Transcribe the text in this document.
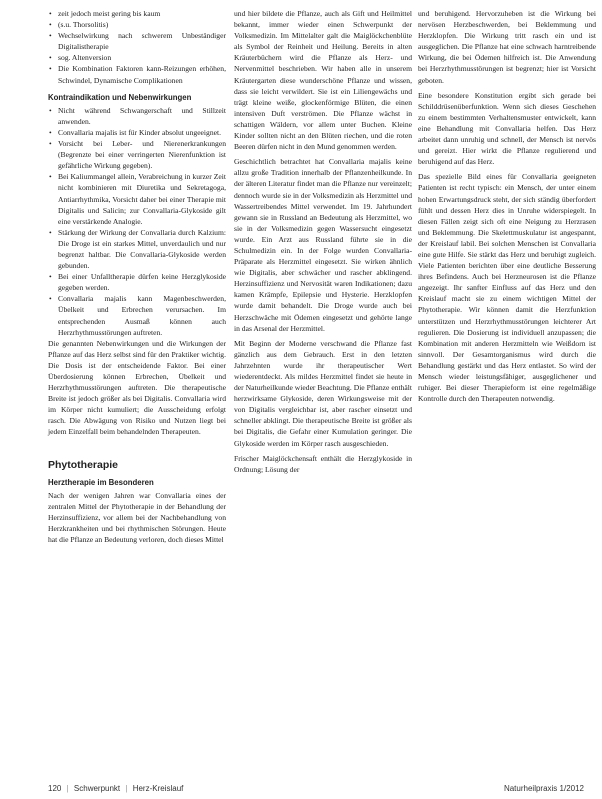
• zeit jedoch meist gering bis kaum
• (s.u. Thorsolitis)
• Wechselwirkung nach schwerem Unbeständiger Digitalistherapie
• sog. Altenversion
• Die Kombination Faktoren kann-Reizungen erhöhen, Schwindel, Dynamische Complikationen
Kontraindikation und Nebenwirkungen
• Nicht während Schwangerschaft und Stillzeit anwenden.
• Convallaria majalis ist für Kinder absolut ungeeignet.
• Vorsicht bei Leber- und Nierenerkrankungen (Begrenzte bei einer verringerten Nierenfunktion ist gefährliche Wirkung gegeben).
• Bei Kaliummangel allein, Verabreichung in kurzer Zeit nicht kombinieren mit Diuretika und Sekretagoga, Antiarrhythmika, Vorsicht daher bei einer Therapie mit Digitalis und Salicin; zur Convallaria-Glykoside gilt eine verstärkende Analogie.
• Stärkung der Wirkung der Convallaria durch Kalzium: Die Droge ist ein starkes Mittel, unverdaulich und nur begrenzt haltbar. Die Convallaria-Glykoside werden gebunden.
• Bei einer Unfalltherapie dürfen keine Herzglykoside gegeben werden.
• Convallaria majalis kann Magenbeschwerden, Übelkeit und Erbrechen verursachen. Im entsprechenden Ausmaß können auch Herzrhythmusstörungen auftreten.

Die genannten Nebenwirkungen und die Wirkungen der Pflanze auf das Herz selbst sind für den Praktiker wichtig. Die Dosis ist der entscheidende Faktor. Bei einer Überdosierung können Erbrechen, Übelkeit und Herzrhythmusstörungen auftreten. Die therapeutische Breite ist jedoch größer als bei Digitalis. Convallaria wird im Körper nicht kumuliert; die Ausscheidung erfolgt rasch. Die Abwägung von Risiko und Nutzen liegt bei jedem Einzelfall beim behandelnden Therapeuten.

Phytotherapie
Herztherapie im Besonderen

Nach der wenigen Jahren war Convallaria eines der zentralen Mittel der Phytotherapie in der Behandlung der Herzinsuffizienz, vor allem bei der Nachbehandlung von Herzkrankheiten und bei rhythmischen Störungen. Heute hat die Pflanze an Bedeutung verloren, doch dieses Mittel

und hier bildete die Pflanze, auch als Gift und Heilmittel bekannt, immer wieder einen Schwerpunkt der Volksmedizin. Im Mittelalter galt die Maiglöckchenblüte als Symbol der Reinheit und Heilung. Bereits in alten Kräuterbüchern wird die Pflanze als Herz- und Nervenmittel beschrieben. Wir haben alle in unserem Kräutergarten diese wunderschöne Pflanze und wissen, dass sie leicht verwildert. Sie ist ein Liliengewächs und trägt kleine weiße, glockenförmige Blüten, die einen intensiven Duft verströmen. Die Pflanze wächst in schattigen Wäldern, vor allem unter Buchen. Kleine Kinder sollten nicht an den Blüten riechen, und die roten Beeren dürfen nicht in den Mund genommen werden.

Geschichtlich betrachtet hat Convallaria majalis keine allzu große Tradition innerhalb der Pflanzenheilkunde. In der älteren Literatur findet man die Pflanze nur vereinzelt; dennoch wurde sie in der Volksmedizin als Herzmittel und Wassertreibendes Mittel verwendet. Im 19. Jahrhundert gewann sie in Russland an Bedeutung als Herzmittel, wo sie in der Volksmedizin gegen Wassersucht eingesetzt wurde. Ein Arzt aus Russland führte sie in die Schulmedizin ein. In der Folge wurden Convallaria-Präparate als Herzmittel eingesetzt. Sie wirken ähnlich wie Digitalis, aber schwächer und rascher abklingend. Herzinsuffizienz und Nervosität waren Indikationen; dazu kamen Krämpfe, Epilepsie und Hysterie. Herzklopfen wurde damit behandelt. Die Droge wurde auch bei Herzschwäche mit Ödemen eingesetzt und gehörte lange in das Arsenal der Herzmittel.

Mit Beginn der Moderne verschwand die Pflanze fast gänzlich aus dem Gebrauch. Erst in den letzten Jahrzehnten wurde ihr therapeutischer Wert wiederentdeckt. Als mildes Herzmittel findet sie heute in der Naturheilkunde wieder Beachtung. Die Pflanze enthält herzwirksame Glykoside, deren Wirkungsweise mit der von Digitalis vergleichbar ist, aber rascher einsetzt und schneller abklingt. Die therapeutische Breite ist größer als bei Digitalis, die Gefahr einer Kumulation geringer. Die Glykoside werden im Körper rasch ausgeschieden.

Frischer Maiglöckchensaft enthält die Herzglykoside in Ordnung; Lösung der

und beruhigend. Hervorzuheben ist die Wirkung bei nervösen Herzbeschwerden, bei Beklemmung und Herzklopfen. Die Wirkung tritt rasch ein und ist ausgeglichen. Die Pflanze hat eine schwach harntreibende Wirkung, die bei Ödemen hilfreich ist. Die Anwendung bei Herzrhythmusstörungen ist begrenzt; hier ist Vorsicht geboten.

Eine besondere Konstitution ergibt sich gerade bei Schilddrüsenüberfunktion. Wenn sich dieses Geschehen zu einem bestimmten Verhaltensmuster entwickelt, kann eine Behandlung mit Convallaria helfen. Das Herz arbeitet dann unruhig und schnell, der Mensch ist nervös und gereizt. Hier wirkt die Pflanze regulierend und beruhigend auf das Herz.

Das spezielle Bild eines für Convallaria geeigneten Patienten ist recht typisch: ein Mensch, der unter einem hohen Erwartungsdruck steht, der sich ständig überfordert fühlt und dessen Herz dies in Unruhe widerspiegelt. In diesen Fällen zeigt sich oft eine Neigung zu Herzrasen und Beklemmung. Die Skelettmuskulatur ist angespannt, der Kreislauf labil. Bei solchen Menschen ist Convallaria eine gute Hilfe. Sie stärkt das Herz und beruhigt zugleich. Viele Patienten berichten über eine deutliche Besserung ihres Befindens. Auch bei Herzneurosen ist die Pflanze angezeigt. Ihr sanfter Einfluss auf das Herz und den Kreislauf macht sie zu einem wichtigen Mittel der Phytotherapie. Wir können damit die Herzfunktion unterstützen und Herzrhythmusstörungen leichterer Art regulieren. Die Dosierung ist individuell anzupassen; die Kombination mit anderen Herzmitteln wie Weißdorn ist sinnvoll. Der Gesamtorganismus wird durch die Behandlung gestärkt und das Herz entlastet. So wird der Mensch wieder leistungsfähiger, ausgeglichener und ruhiger. Bei dieser Therapieform ist eine regelmäßige Kontrolle durch den Therapeuten notwendig.

120 | Schwerpunkt | Herz-Kreislauf	Naturheilpraxis 1/2012
